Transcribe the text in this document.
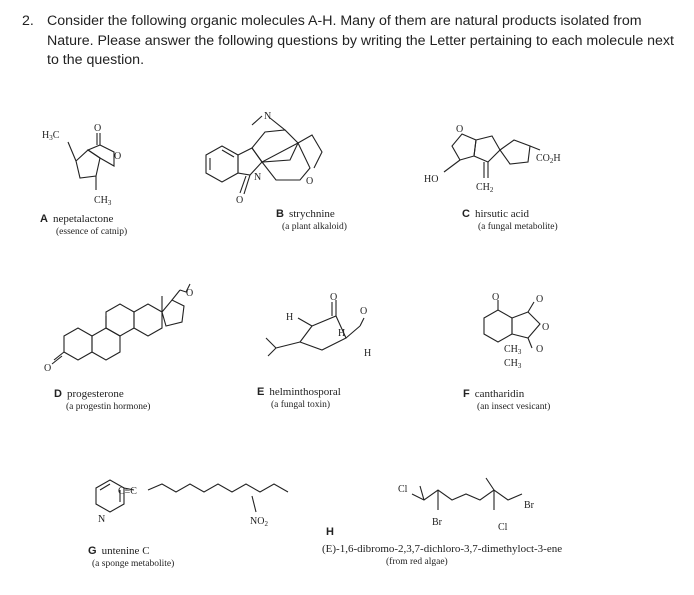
2. Consider the following organic molecules A-H. Many of them are natural products isolated from Nature. Please answer the following questions by writing the Letter pertaining to each molecule next to the question.
$H_3C$
O
O
$CH_3$
N
N
O
O
O
$CH_2$
HO
$CO_2H$
O
O
H
O
H
O
H
O
O
O
O
$CH_3$
$CH_3$
N
C≡C
$NO_2$
Cl
Br	Cl
Br
A nepetalactone
(essence of catnip)
B strychnine
(a plant alkaloid)
C hirsutic acid
(a fungal metabolite)
D progesterone
(a progestin hormone)
E helminthosporal
(a fungal toxin)
F cantharidin
(an insect vesicant)
G untenine C
(a sponge metabolite)
H
(E)-1,6-dibromo-2,3,7-dichloro-3,7-dimethyloct-3-ene
(from red algae)
